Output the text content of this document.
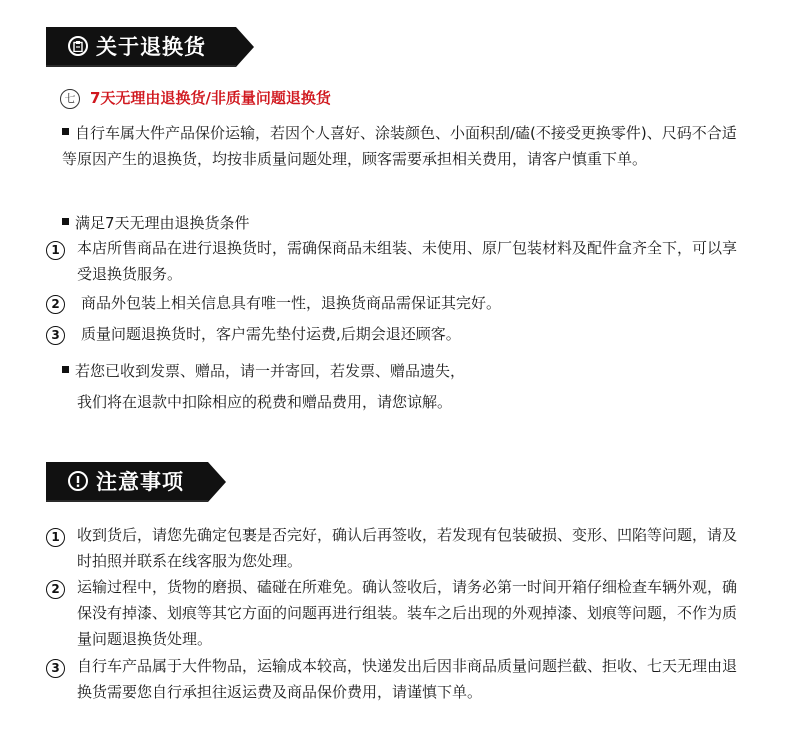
关于退换货
七 7天无理由退换货/非质量问题退换货
自行车属大件产品保价运输，若因个人喜好、涂装颜色、小面积刮/磕(不接受更换零件)、尺码不合适等原因产生的退换货，均按非质量问题处理，顾客需要承担相关费用，请客户慎重下单。
满足7天无理由退换货条件
1	本店所售商品在进行退换货时，需确保商品未组装、未使用、原厂包装材料及配件盒齐全下，可以享受退换货服务。
2	商品外包装上相关信息具有唯一性，退换货商品需保证其完好。
3	质量问题退换货时，客户需先垫付运费,后期会退还顾客。
若您已收到发票、赠品，请一并寄回，若发票、赠品遗失，
我们将在退款中扣除相应的税费和赠品费用，请您谅解。
注意事项
1	收到货后，请您先确定包裹是否完好，确认后再签收，若发现有包装破损、变形、凹陷等问题，请及时拍照并联系在线客服为您处理。
2	运输过程中，货物的磨损、磕碰在所难免。确认签收后，请务必第一时间开箱仔细检查车辆外观，确保没有掉漆、划痕等其它方面的问题再进行组装。装车之后出现的外观掉漆、划痕等问题，不作为质量问题退换货处理。
3	自行车产品属于大件物品，运输成本较高，快递发出后因非商品质量问题拦截、拒收、七天无理由退换货需要您自行承担往返运费及商品保价费用，请谨慎下单。
